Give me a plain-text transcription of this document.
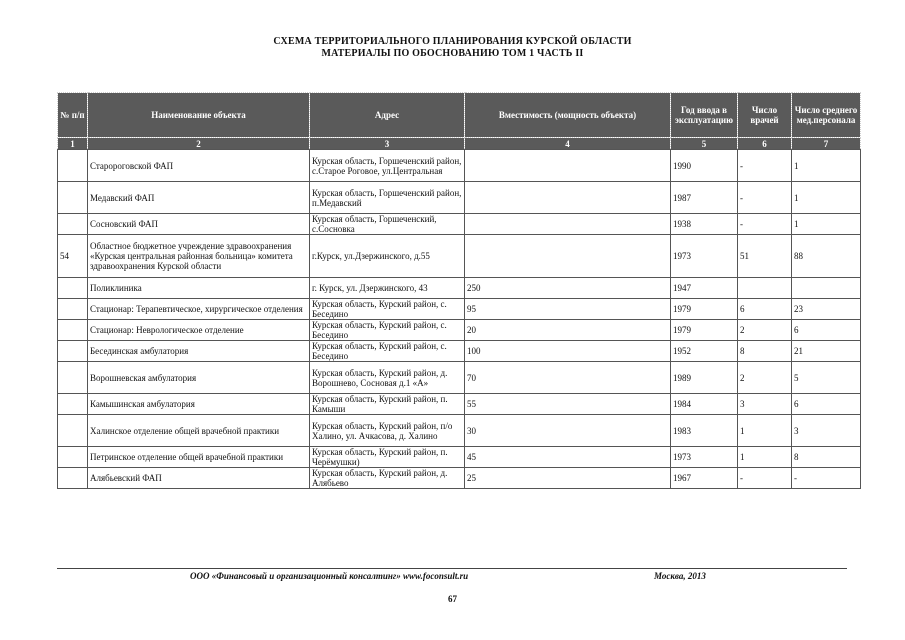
СХЕМА ТЕРРИТОРИАЛЬНОГО ПЛАНИРОВАНИЯ КУРСКОЙ ОБЛАСТИ
МАТЕРИАЛЫ ПО ОБОСНОВАНИЮ ТОМ 1 ЧАСТЬ II
№ п/п	Наименование объекта	Адрес	Вместимость (мощность объекта)	Год ввода в эксплуатацию	Число врачей	Число среднего мед.персонала
1	2	3	4	5	6	7
	Старороговской ФАП	Курская область, Горшеченский район, с.Старое Роговое, ул.Центральная		1990	-	1
	Медавский ФАП	Курская область, Горшеченский район, п.Медавский		1987	-	1
	Сосновский ФАП	Курская область, Горшеченский, с.Сосновка		1938	-	1
54	Областное бюджетное учреждение здравоохранения «Курская центральная районная больница» комитета здравоохранения Курской области	г.Курск, ул.Дзержинского, д.55		1973	51	88
	Поликлиника	г. Курск, ул. Дзержинского, 43	250	1947		
	Стационар: Терапевтическое, хирургическое отделения	Курская область, Курский район, с. Беседино	95	1979	6	23
	Стационар: Неврологическое отделение	Курская область, Курский район, с. Беседино	20	1979	2	6
	Бесединская амбулатория	Курская область, Курский район, с. Беседино	100	1952	8	21
	Ворошневская амбулатория	Курская область, Курский район, д. Ворошнево, Сосновая д.1 «А»	70	1989	2	5
	Камышинская амбулатория	Курская область, Курский район, п. Камыши	55	1984	3	6
	Халинское отделение общей врачебной практики	Курская область, Курский район, п/о Халино, ул. Ачкасова, д. Халино	30	1983	1	3
	Петринское отделение общей врачебной практики	Курская область, Курский район, п. Черёмушки)	45	1973	1	8
	Алябьевский ФАП	Курская область, Курский район, д. Алябьево	25	1967	-	-
ООО «Финансовый и организационный консалтинг» www.foconsult.ru	Москва, 2013
67
